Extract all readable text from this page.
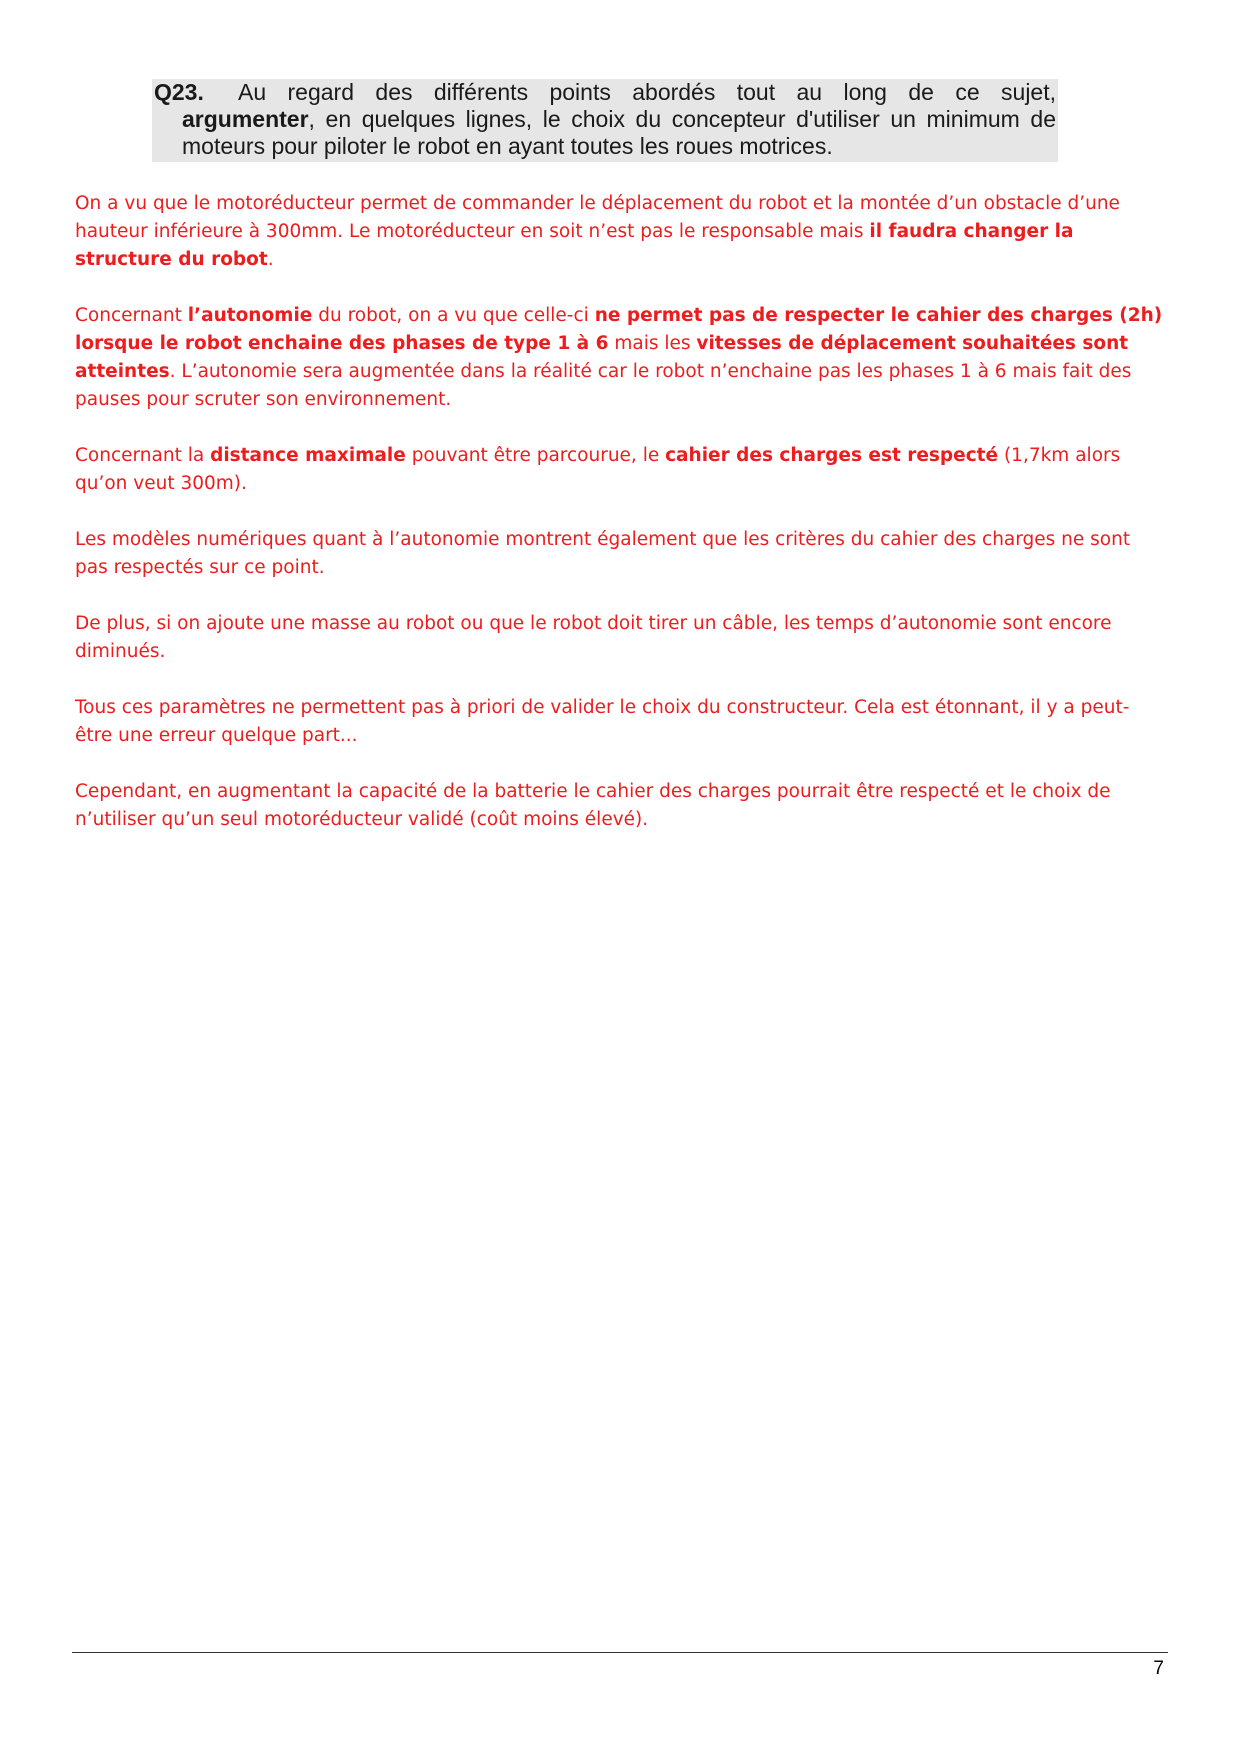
Q23. Au regard des différents points abordés tout au long de ce sujet,
argumenter, en quelques lignes, le choix du concepteur d'utiliser un minimum de
moteurs pour piloter le robot en ayant toutes les roues motrices.

On a vu que le motoréducteur permet de commander le déplacement du robot et la montée d’un obstacle d’une hauteur inférieure à 300mm. Le motoréducteur en soit n’est pas le responsable mais il faudra changer la structure du robot.

Concernant l’autonomie du robot, on a vu que celle-ci ne permet pas de respecter le cahier des charges (2h) lorsque le robot enchaine des phases de type 1 à 6 mais les vitesses de déplacement souhaitées sont atteintes. L’autonomie sera augmentée dans la réalité car le robot n’enchaine pas les phases 1 à 6 mais fait des pauses pour scruter son environnement.

Concernant la distance maximale pouvant être parcourue, le cahier des charges est respecté (1,7km alors qu’on veut 300m).

Les modèles numériques quant à l’autonomie montrent également que les critères du cahier des charges ne sont pas respectés sur ce point.

De plus, si on ajoute une masse au robot ou que le robot doit tirer un câble, les temps d’autonomie sont encore diminués.

Tous ces paramètres ne permettent pas à priori de valider le choix du constructeur. Cela est étonnant, il y a peut-être une erreur quelque part...

Cependant, en augmentant la capacité de la batterie le cahier des charges pourrait être respecté et le choix de n’utiliser qu’un seul motoréducteur validé (coût moins élevé).

7
